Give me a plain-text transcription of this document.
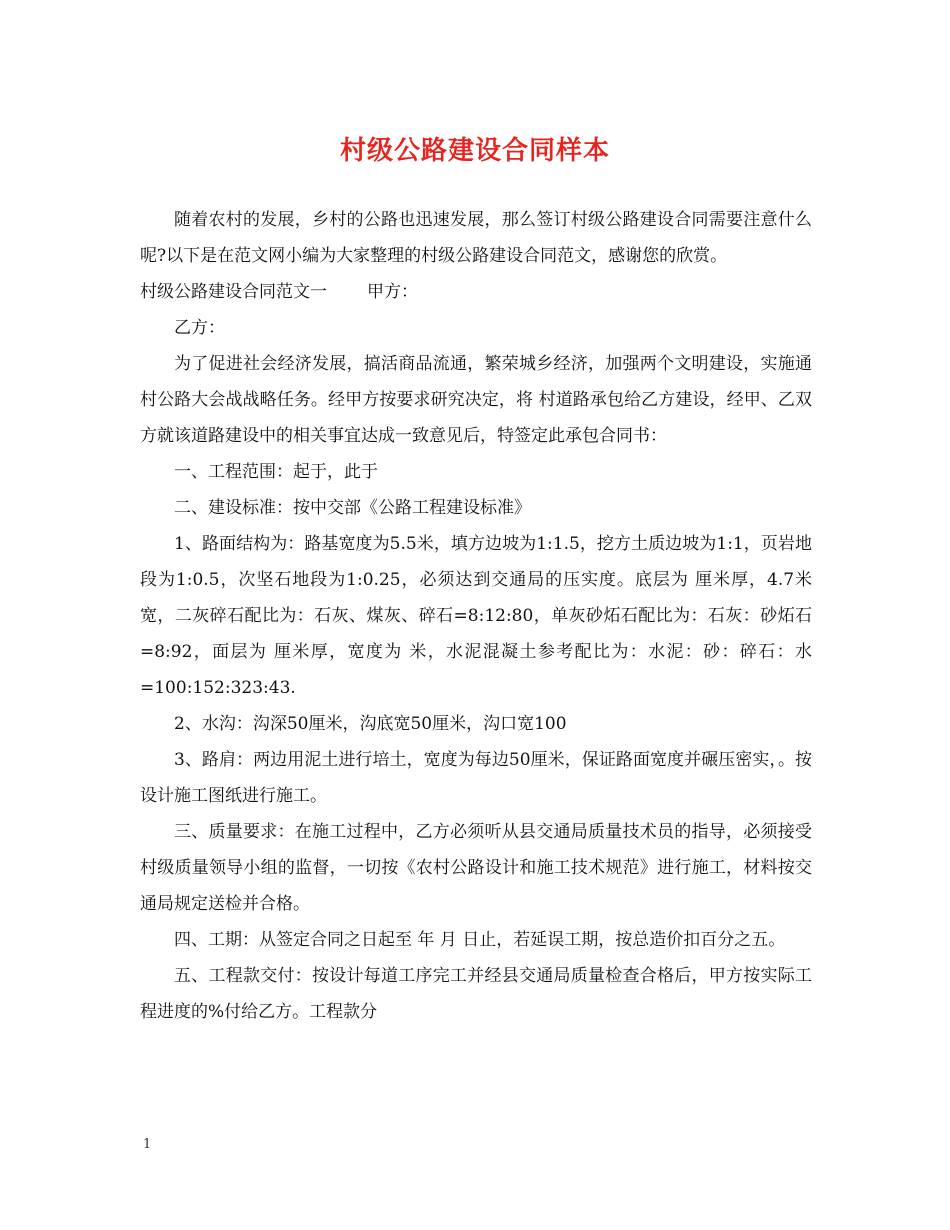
村级公路建设合同样本

随着农村的发展，乡村的公路也迅速发展，那么签订村级公路建设合同需要注意什么呢?以下是在范文网小编为大家整理的村级公路建设合同范文，感谢您的欣赏。

村级公路建设合同范文一 甲方：

乙方：

为了促进社会经济发展，搞活商品流通，繁荣城乡经济，加强两个文明建设，实施通村公路大会战战略任务。经甲方按要求研究决定，将 村道路承包给乙方建设，经甲、乙双方就该道路建设中的相关事宜达成一致意见后，特签定此承包合同书：

一、工程范围：起于，此于

二、建设标准：按中交部《公路工程建设标准》

1、路面结构为：路基宽度为5.5米，填方边坡为1:1.5，挖方土质边坡为1:1，页岩地段为1:0.5，次坚石地段为1:0.25，必须达到交通局的压实度。底层为 厘米厚，4.7米宽，二灰碎石配比为：石灰、煤灰、碎石=8:12:80，单灰砂炻石配比为：石灰：砂炻石=8:92，面层为 厘米厚，宽度为 米，水泥混凝土参考配比为：水泥：砂：碎石：水=100:152:323:43.

2、水沟：沟深50厘米，沟底宽50厘米，沟口宽100

3、路肩：两边用泥土进行培土，宽度为每边50厘米，保证路面宽度并碾压密实，。按设计施工图纸进行施工。

三、质量要求：在施工过程中，乙方必须听从县交通局质量技术员的指导，必须接受村级质量领导小组的监督，一切按《农村公路设计和施工技术规范》进行施工，材料按交通局规定送检并合格。

四、工期：从签定合同之日起至 年 月 日止，若延误工期，按总造价扣百分之五。

五、工程款交付：按设计每道工序完工并经县交通局质量检查合格后，甲方按实际工程进度的%付给乙方。工程款分

1
